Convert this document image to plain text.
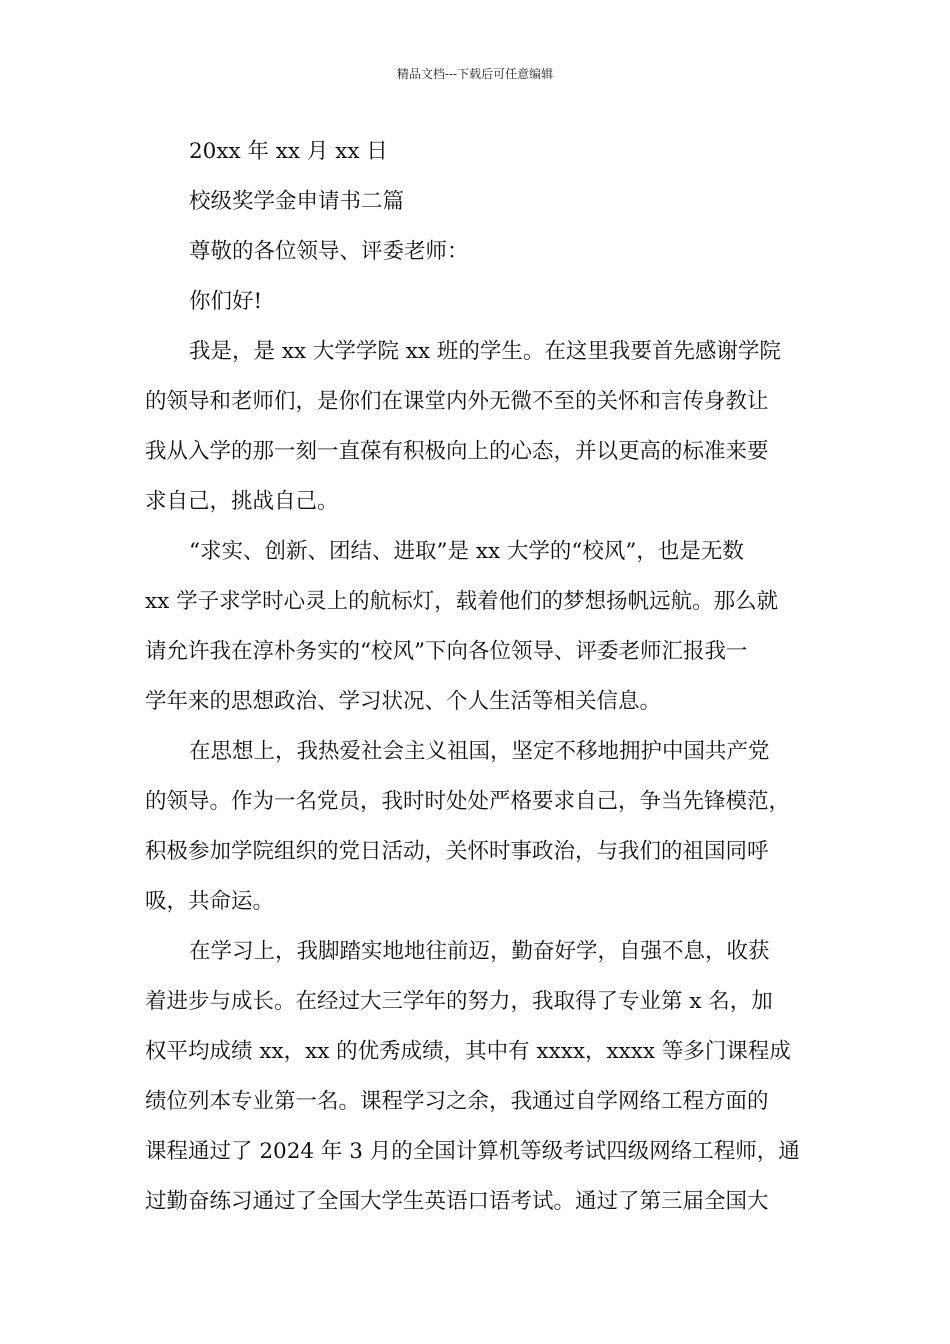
精品文档---下载后可任意编辑
20xx 年 xx 月 xx 日
校级奖学金申请书二篇
尊敬的各位领导、评委老师：
你们好!
我是，是 xx 大学学院 xx 班的学生。在这里我要首先感谢学院
的领导和老师们，是你们在课堂内外无微不至的关怀和言传身教让
我从入学的那一刻一直葆有积极向上的心态，并以更高的标准来要
求自己，挑战自己。
“求实、创新、团结、进取”是 xx 大学的“校风”，也是无数
xx 学子求学时心灵上的航标灯，载着他们的梦想扬帆远航。那么就
请允许我在淳朴务实的“校风”下向各位领导、评委老师汇报我一
学年来的思想政治、学习状况、个人生活等相关信息。
在思想上，我热爱社会主义祖国，坚定不移地拥护中国共产党
的领导。作为一名党员，我时时处处严格要求自己，争当先锋模范，
积极参加学院组织的党日活动，关怀时事政治，与我们的祖国同呼
吸，共命运。
在学习上，我脚踏实地地往前迈，勤奋好学，自强不息，收获
着进步与成长。在经过大三学年的努力，我取得了专业第 x 名，加
权平均成绩 xx，xx 的优秀成绩，其中有 xxxx，xxxx 等多门课程成
绩位列本专业第一名。课程学习之余，我通过自学网络工程方面的
课程通过了 2024 年 3 月的全国计算机等级考试四级网络工程师，通
过勤奋练习通过了全国大学生英语口语考试。通过了第三届全国大
